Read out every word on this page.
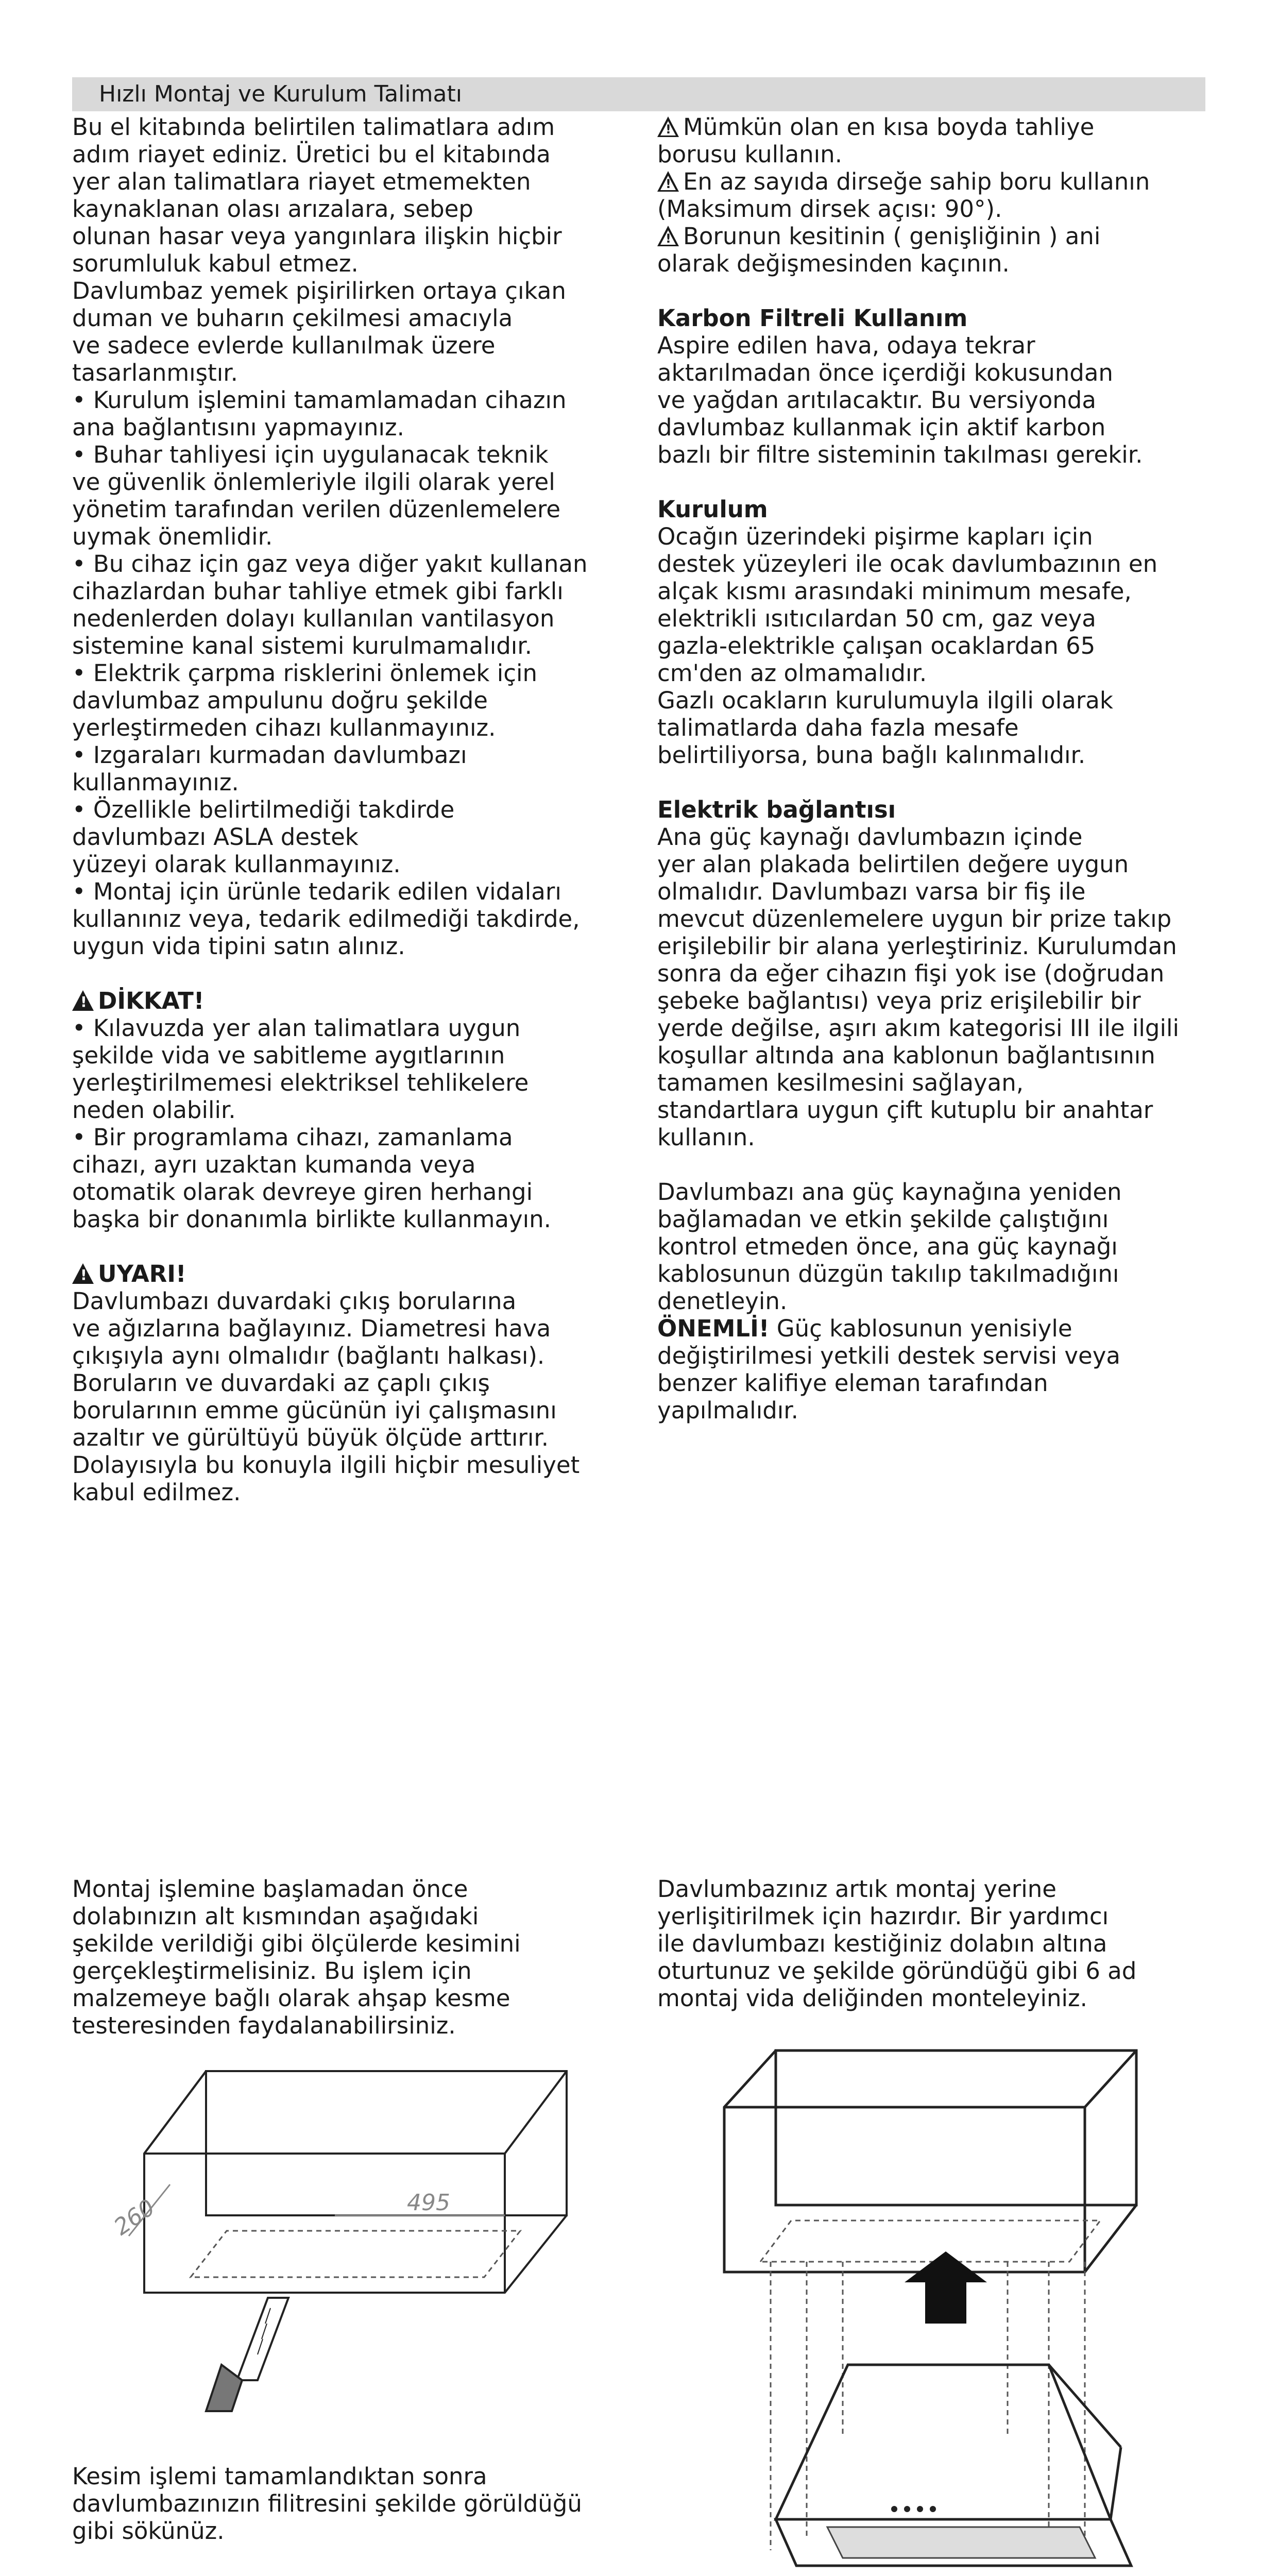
Hızlı Montaj ve Kurulum Talimatı

Bu el kitabında belirtilen talimatlara adım

adım riayet ediniz. Üretici bu el kitabında

yer alan talimatlara riayet etmemekten

kaynaklanan olası arızalara, sebep

olunan hasar veya yangınlara ilişkin hiçbir

sorumluluk kabul etmez.

Davlumbaz yemek pişirilirken ortaya çıkan

duman ve buharın çekilmesi amacıyla

ve sadece evlerde kullanılmak üzere

tasarlanmıştır.

• Kurulum işlemini tamamlamadan cihazın

ana bağlantısını yapmayınız.

• Buhar tahliyesi için uygulanacak teknik

ve güvenlik önlemleriyle ilgili olarak yerel

yönetim tarafından verilen düzenlemelere

uymak önemlidir.

• Bu cihaz için gaz veya diğer yakıt kullanan

cihazlardan buhar tahliye etmek gibi farklı

nedenlerden dolayı kullanılan vantilasyon

sistemine kanal sistemi kurulmamalıdır.

• Elektrik çarpma risklerini önlemek için

davlumbaz ampulunu doğru şekilde

yerleştirmeden cihazı kullanmayınız.

• Izgaraları kurmadan davlumbazı

kullanmayınız.

• Özellikle belirtilmediği takdirde

davlumbazı ASLA destek

yüzeyi olarak kullanmayınız.

• Montaj için ürünle tedarik edilen vidaları

kullanınız veya, tedarik edilmediği takdirde,

uygun vida tipini satın alınız.

!DİKKAT!

• Kılavuzda yer alan talimatlara uygun

şekilde vida ve sabitleme aygıtlarının

yerleştirilmemesi elektriksel tehlikelere

neden olabilir.

• Bir programlama cihazı, zamanlama

cihazı, ayrı uzaktan kumanda veya

otomatik olarak devreye giren herhangi

başka bir donanımla birlikte kullanmayın.

!UYARI!

Davlumbazı duvardaki çıkış borularına

ve ağızlarına bağlayınız. Diametresi hava

çıkışıyla aynı olmalıdır (bağlantı halkası).

Boruların ve duvardaki az çaplı çıkış

borularının emme gücünün iyi çalışmasını

azaltır ve gürültüyü büyük ölçüde arttırır.

Dolayısıyla bu konuyla ilgili hiçbir mesuliyet

kabul edilmez.

!Mümkün olan en kısa boyda tahliye

borusu kullanın.

!En az sayıda dirseğe sahip boru kullanın

(Maksimum dirsek açısı: 90°).

!Borunun kesitinin ( genişliğinin ) ani

olarak değişmesinden kaçının.

Karbon Filtreli Kullanım

Aspire edilen hava, odaya tekrar

aktarılmadan önce içerdiği kokusundan

ve yağdan arıtılacaktır. Bu versiyonda

davlumbaz kullanmak için aktif karbon

bazlı bir filtre sisteminin takılması gerekir.

Kurulum

Ocağın üzerindeki pişirme kapları için

destek yüzeyleri ile ocak davlumbazının en

alçak kısmı arasındaki minimum mesafe,

elektrikli ısıtıcılardan 50 cm, gaz veya

gazla-elektrikle çalışan ocaklardan 65

cm'den az olmamalıdır.

Gazlı ocakların kurulumuyla ilgili olarak

talimatlarda daha fazla mesafe

belirtiliyorsa, buna bağlı kalınmalıdır.

Elektrik bağlantısı

Ana güç kaynağı davlumbazın içinde

yer alan plakada belirtilen değere uygun

olmalıdır. Davlumbazı varsa bir fiş ile

mevcut düzenlemelere uygun bir prize takıp

erişilebilir bir alana yerleştiriniz. Kurulumdan

sonra da eğer cihazın fişi yok ise (doğrudan

şebeke bağlantısı) veya priz erişilebilir bir

yerde değilse, aşırı akım kategorisi III ile ilgili

koşullar altında ana kablonun bağlantısının

tamamen kesilmesini sağlayan,

standartlara uygun çift kutuplu bir anahtar

kullanın.

Davlumbazı ana güç kaynağına yeniden

bağlamadan ve etkin şekilde çalıştığını

kontrol etmeden önce, ana güç kaynağı

kablosunun düzgün takılıp takılmadığını

denetleyin.

ÖNEMLİ! Güç kablosunun yenisiyle

değiştirilmesi yetkili destek servisi veya

benzer kalifiye eleman tarafından

yapılmalıdır.

Montaj işlemine başlamadan önce

dolabınızın alt kısmından aşağıdaki

şekilde verildiği gibi ölçülerde kesimini

gerçekleştirmelisiniz. Bu işlem için

malzemeye bağlı olarak ahşap kesme

testeresinden faydalanabilirsiniz.

Kesim işlemi tamamlandıktan sonra

davlumbazınızın filitresini şekilde görüldüğü

gibi sökünüz.

Davlumbazınız artık montaj yerine

yerlişitirilmek için hazırdır. Bir yardımcı

ile davlumbazı kestiğiniz dolabın altına

oturtunuz ve şekilde göründüğü gibi 6 ad

montaj vida deliğinden monteleyiniz.

260	495
